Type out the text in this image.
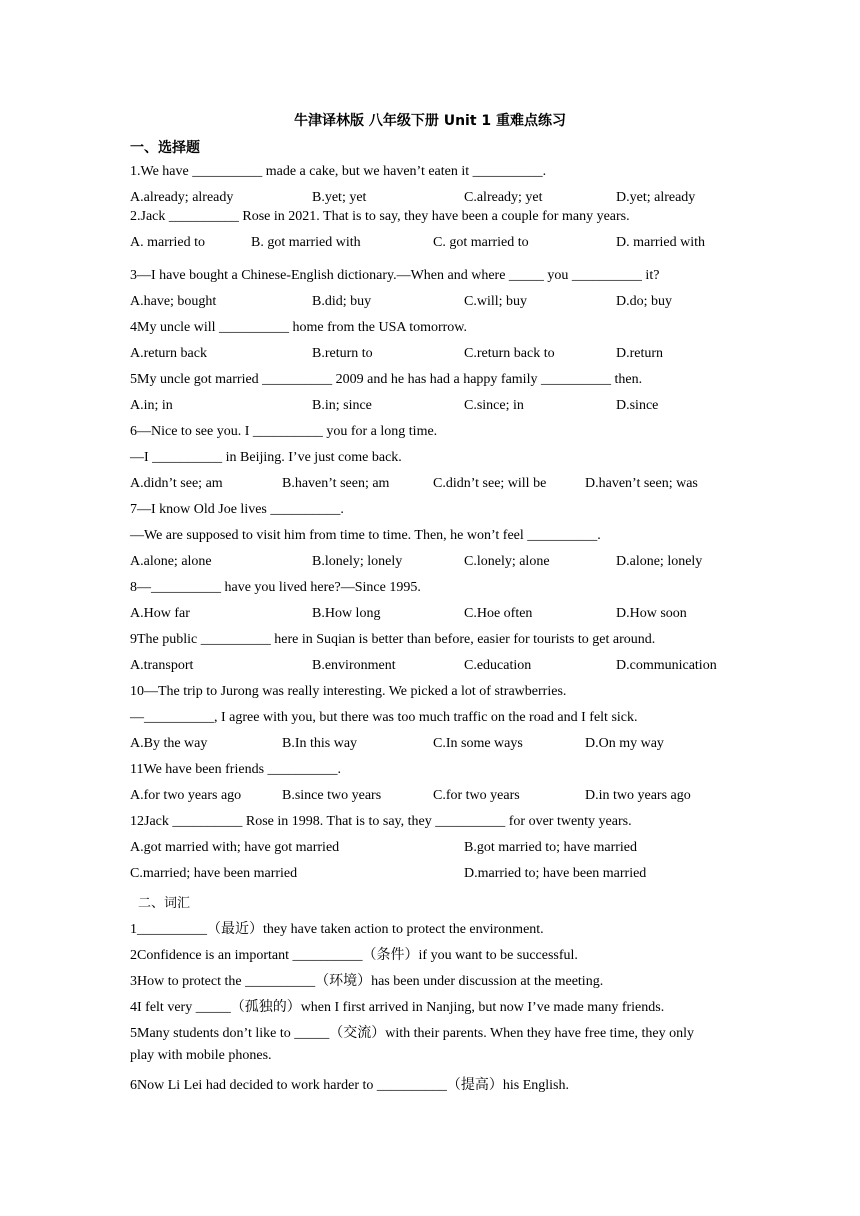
牛津译林版 八年级下册 Unit 1 重难点练习
一、选择题
1.We have __________ made a cake, but we haven’t eaten it __________.
A.already; already	B.yet; yet	C.already; yet	D.yet; already
2.Jack __________ Rose in 2021. That is to say, they have been a couple for many years.
A. married to	B. got married with	C. got married to	D. married with
3—I have bought a Chinese-English dictionary.—When and where _____ you __________ it?
A.have; bought	B.did; buy	C.will; buy	D.do; buy
4My uncle will __________ home from the USA tomorrow.
A.return back	B.return to	C.return back to	D.return
5My uncle got married __________ 2009 and he has had a happy family __________ then.
A.in; in	B.in; since	C.since; in	D.since
6—Nice to see you. I __________ you for a long time.
—I __________ in Beijing. I’ve just come back.
A.didn’t see; am	B.haven’t seen; am	C.didn’t see; will be	D.haven’t seen; was
7—I know Old Joe lives __________.
—We are supposed to visit him from time to time. Then, he won’t feel __________.
A.alone; alone	B.lonely; lonely	C.lonely; alone	D.alone; lonely
8—__________ have you lived here?—Since 1995.
A.How far	B.How long	C.Hoe often	D.How soon
9The public __________ here in Suqian is better than before, easier for tourists to get around.
A.transport	B.environment	C.education	D.communication
10—The trip to Jurong was really interesting. We picked a lot of strawberries.
—__________, I agree with you, but there was too much traffic on the road and I felt sick.
A.By the way	B.In this way	C.In some ways	D.On my way
11We have been friends __________.
A.for two years ago	B.since two years	C.for two years	D.in two years ago
12Jack __________ Rose in 1998. That is to say, they __________ for over twenty years.
A.got married with; have got married	B.got married to; have married
C.married; have been married	D.married to; have been married
二、词汇
1__________（最近）they have taken action to protect the environment.
2Confidence is an important __________（条件）if you want to be successful.
3How to protect the __________（环境）has been under discussion at the meeting.
4I felt very _____（孤独的）when I first arrived in Nanjing, but now I’ve made many friends.
5Many students don’t like to _____（交流）with their parents. When they have free time, they only
play with mobile phones.
6Now Li Lei had decided to work harder to __________（提高）his English.
